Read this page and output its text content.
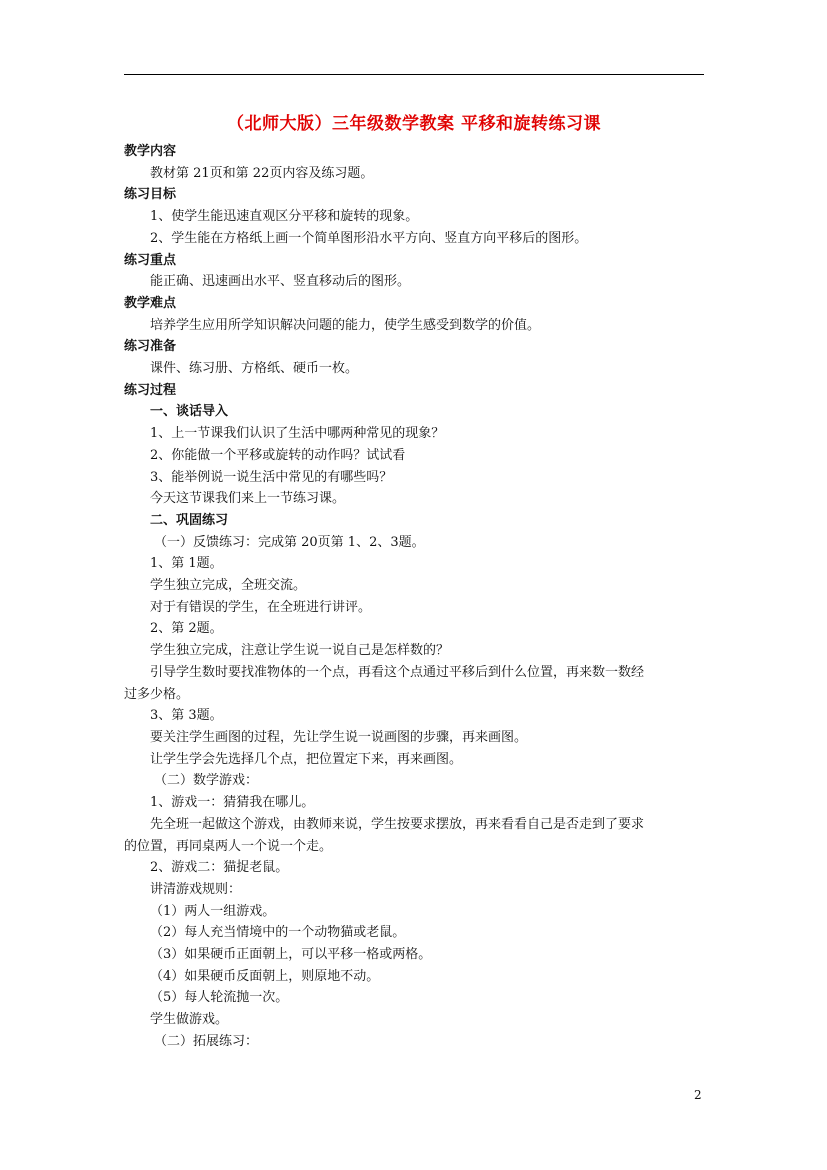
（北师大版）三年级数学教案 平移和旋转练习课

教学内容

教材第 21页和第 22页内容及练习题。

练习目标

1、使学生能迅速直观区分平移和旋转的现象。

2、学生能在方格纸上画一个简单图形沿水平方向、竖直方向平移后的图形。

练习重点

能正确、迅速画出水平、竖直移动后的图形。

教学难点

培养学生应用所学知识解决问题的能力，使学生感受到数学的价值。

练习准备

课件、练习册、方格纸、硬币一枚。

练习过程

一、谈话导入

1、上一节课我们认识了生活中哪两种常见的现象？

2、你能做一个平移或旋转的动作吗？试试看

3、能举例说一说生活中常见的有哪些吗？

今天这节课我们来上一节练习课。

二、巩固练习

（一）反馈练习：完成第 20页第 1、2、3题。

1、第 1题。

学生独立完成，全班交流。

对于有错误的学生，在全班进行讲评。

2、第 2题。

学生独立完成，注意让学生说一说自己是怎样数的？

引导学生数时要找准物体的一个点，再看这个点通过平移后到什么位置，再来数一数经

过多少格。

3、第 3题。

要关注学生画图的过程，先让学生说一说画图的步骤，再来画图。

让学生学会先选择几个点，把位置定下来，再来画图。

（二）数学游戏：

1、游戏一：猜猜我在哪儿。

先全班一起做这个游戏，由教师来说，学生按要求摆放，再来看看自己是否走到了要求

的位置，再同桌两人一个说一个走。

2、游戏二：猫捉老鼠。

讲清游戏规则：

（1）两人一组游戏。

（2）每人充当情境中的一个动物猫或老鼠。

（3）如果硬币正面朝上，可以平移一格或两格。

（4）如果硬币反面朝上，则原地不动。

（5）每人轮流抛一次。

学生做游戏。

（二）拓展练习：

2
